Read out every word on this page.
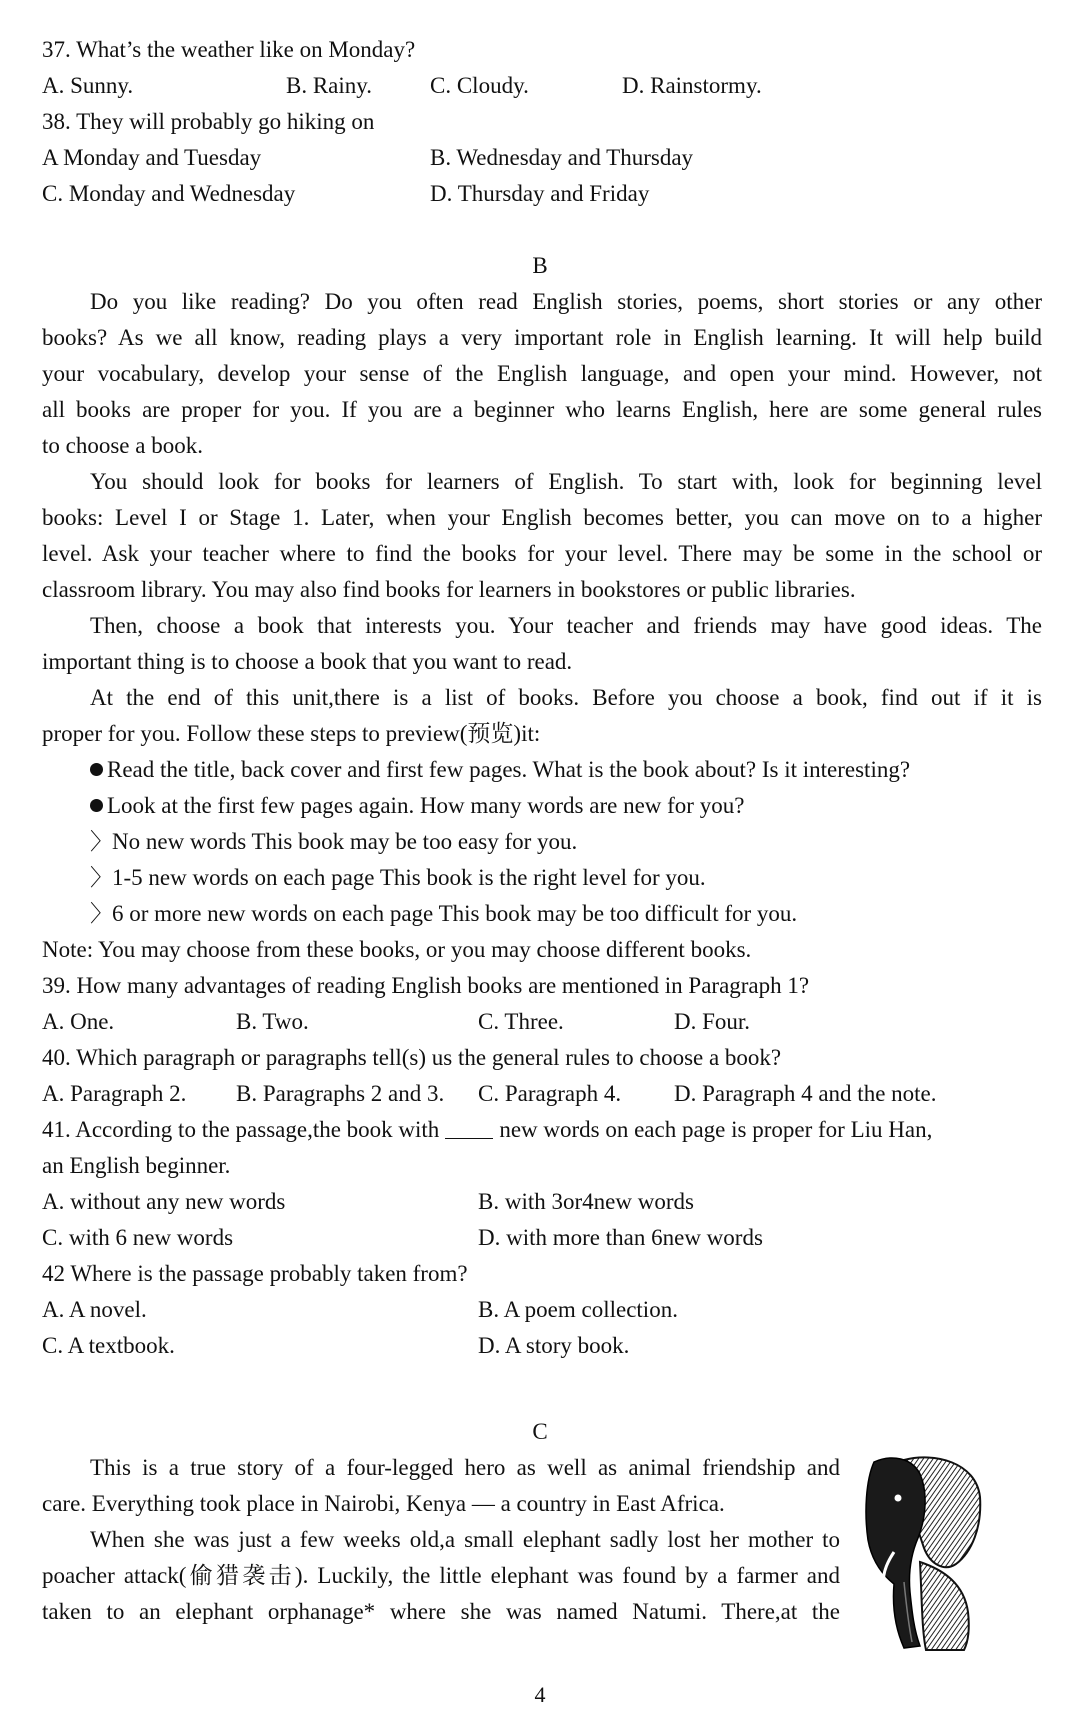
37. What’s the weather like on Monday?
A. Sunny.	B. Rainy.	C. Cloudy.	D. Rainstormy.
38. They will probably go hiking on
A Monday and Tuesday	B. Wednesday and Thursday
C. Monday and Wednesday	D. Thursday and Friday
B
Do you like reading? Do you often read English stories, poems, short stories or any other
books? As we all know, reading plays a very important role in English learning. It will help build
your vocabulary, develop your sense of the English language, and open your mind. However, not
all books are proper for you. If you are a beginner who learns English, here are some general rules
to choose a book.
You should look for books for learners of English. To start with, look for beginning level
books: Level I or Stage 1. Later, when your English becomes better, you can move on to a higher
level. Ask your teacher where to find the books for your level. There may be some in the school or
classroom library. You may also find books for learners in bookstores or public libraries.
Then, choose a book that interests you. Your teacher and friends may have good ideas. The
important thing is to choose a book that you want to read.
At the end of this unit,there is a list of books. Before you choose a book, find out if it is
proper for you. Follow these steps to preview(预览)it:
Read the title, back cover and first few pages. What is the book about? Is it interesting?
Look at the first few pages again. How many words are new for you?
〉No new words This book may be too easy for you.
〉1-5 new words on each page This book is the right level for you.
〉6 or more new words on each page This book may be too difficult for you.
Note: You may choose from these books, or you may choose different books.
39. How many advantages of reading English books are mentioned in Paragraph 1?
A. One.	B. Two.	C. Three.	D. Four.
40. Which paragraph or paragraphs tell(s) us the general rules to choose a book?
A. Paragraph 2. B. Paragraphs 2 and 3. C. Paragraph 4. D. Paragraph 4 and the note.
41. According to the passage,the book with	new words on each page is proper for Liu Han,
an English beginner.
A. without any new words	B. with 3or4new words
C. with 6 new words	D. with more than 6new words
42 Where is the passage probably taken from?
A. A novel.	B. A poem collection.
C. A textbook.	D. A story book.
C
This is a true story of a four-legged hero as well as animal friendship and
care. Everything took place in Nairobi, Kenya — a country in East Africa.
When she was just a few weeks old,a small elephant sadly lost her mother to
poacher attack(偷猎袭击). Luckily, the little elephant was found by a farmer and
taken to an elephant orphanage* where she was named Natumi. There,at the
4
